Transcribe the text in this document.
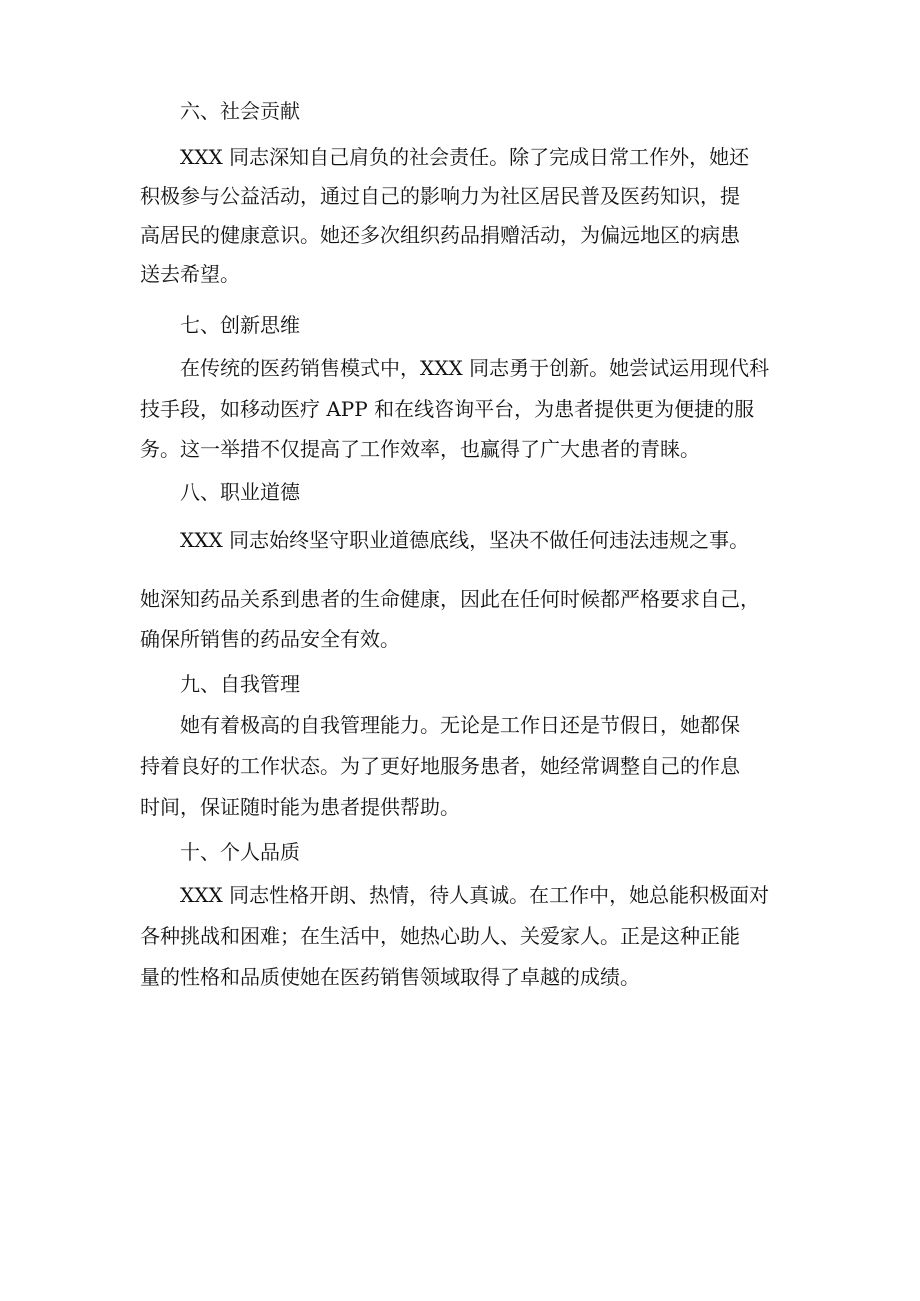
六、社会贡献

XXX 同志深知自己肩负的社会责任。除了完成日常工作外，她还

积极参与公益活动，通过自己的影响力为社区居民普及医药知识，提

高居民的健康意识。她还多次组织药品捐赠活动，为偏远地区的病患

送去希望。

七、创新思维

在传统的医药销售模式中，XXX 同志勇于创新。她尝试运用现代科

技手段，如移动医疗 APP 和在线咨询平台，为患者提供更为便捷的服

务。这一举措不仅提高了工作效率，也赢得了广大患者的青睐。

八、职业道德

XXX 同志始终坚守职业道德底线，坚决不做任何违法违规之事。

她深知药品关系到患者的生命健康，因此在任何时候都严格要求自己，

确保所销售的药品安全有效。

九、自我管理

她有着极高的自我管理能力。无论是工作日还是节假日，她都保

持着良好的工作状态。为了更好地服务患者，她经常调整自己的作息

时间，保证随时能为患者提供帮助。

十、个人品质

XXX 同志性格开朗、热情，待人真诚。在工作中，她总能积极面对

各种挑战和困难；在生活中，她热心助人、关爱家人。正是这种正能

量的性格和品质使她在医药销售领域取得了卓越的成绩。
